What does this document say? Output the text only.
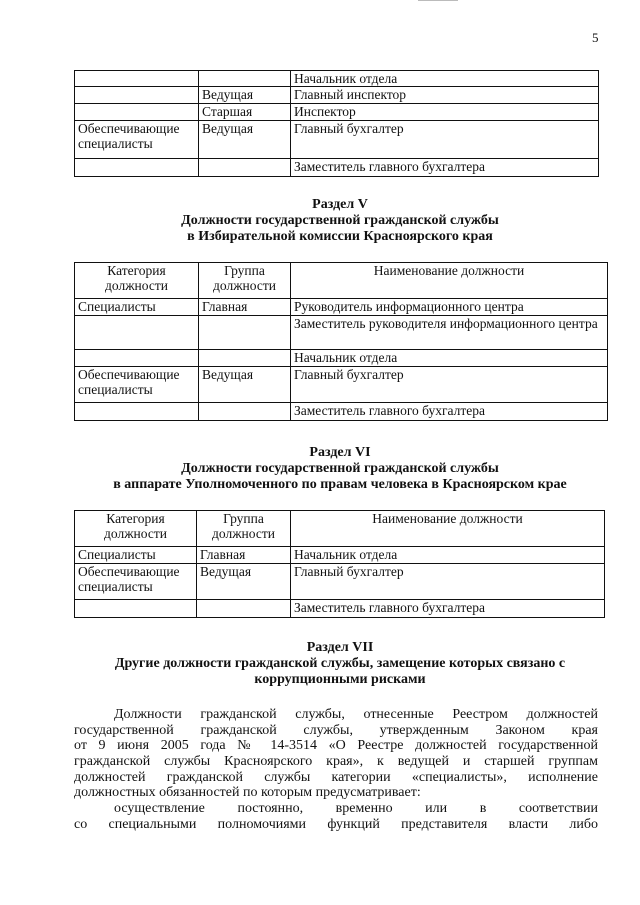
5
		Начальник отдела
	Ведущая	Главный инспектор
	Старшая	Инспектор
Обеспечивающие специалисты	Ведущая	Главный бухгалтер
		Заместитель главного бухгалтера
Раздел V
Должности государственной гражданской службы
в Избирательной комиссии Красноярского края
Категория должности	Группа должности	Наименование должности
Специалисты	Главная	Руководитель информационного центра
		Заместитель руководителя информационного центра
		Начальник отдела
Обеспечивающие специалисты	Ведущая	Главный бухгалтер
		Заместитель главного бухгалтера
Раздел VI
Должности государственной гражданской службы
в аппарате Уполномоченного по правам человека в Красноярском крае
Категория должности	Группа должности	Наименование должности
Специалисты	Главная	Начальник отдела
Обеспечивающие специалисты	Ведущая	Главный бухгалтер
		Заместитель главного бухгалтера
Раздел VII
Другие должности гражданской службы, замещение которых связано с
коррупционными рисками
Должности гражданской службы, отнесенные Реестром должностей
государственной гражданской службы, утвержденным Законом края
от 9 июня 2005 года № 14-3514 «О Реестре должностей государственной
гражданской службы Красноярского края», к ведущей и старшей группам
должностей гражданской службы категории «специалисты», исполнение
должностных обязанностей по которым предусматривает:
осуществление постоянно, временно или в соответствии
со специальными полномочиями функций представителя власти либо
